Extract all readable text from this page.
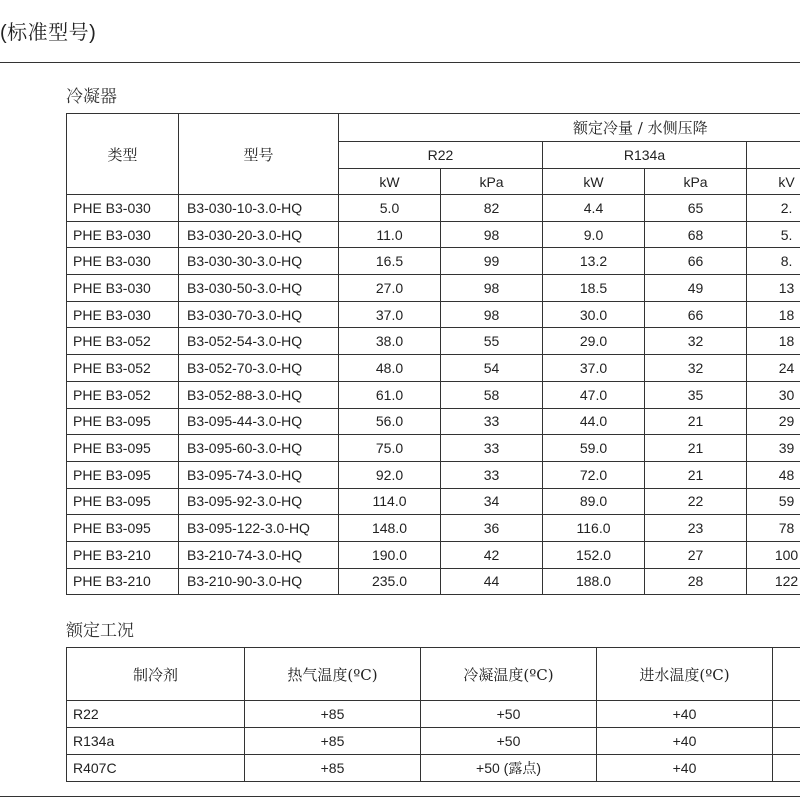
(标准型号)
冷凝器
类型	型号	额定冷量 / 水侧压降				
		R22		R134a		
		kW	kPa	kW	kPa	kV
PHE B3-030	B3-030-10-3.0-HQ	5.0	82	4.4	65	2.
PHE B3-030	B3-030-20-3.0-HQ	11.0	98	9.0	68	5.
PHE B3-030	B3-030-30-3.0-HQ	16.5	99	13.2	66	8.
PHE B3-030	B3-030-50-3.0-HQ	27.0	98	18.5	49	13
PHE B3-030	B3-030-70-3.0-HQ	37.0	98	30.0	66	18
PHE B3-052	B3-052-54-3.0-HQ	38.0	55	29.0	32	18
PHE B3-052	B3-052-70-3.0-HQ	48.0	54	37.0	32	24
PHE B3-052	B3-052-88-3.0-HQ	61.0	58	47.0	35	30
PHE B3-095	B3-095-44-3.0-HQ	56.0	33	44.0	21	29
PHE B3-095	B3-095-60-3.0-HQ	75.0	33	59.0	21	39
PHE B3-095	B3-095-74-3.0-HQ	92.0	33	72.0	21	48
PHE B3-095	B3-095-92-3.0-HQ	114.0	34	89.0	22	59
PHE B3-095	B3-095-122-3.0-HQ	148.0	36	116.0	23	78
PHE B3-210	B3-210-74-3.0-HQ	190.0	42	152.0	27	100
PHE B3-210	B3-210-90-3.0-HQ	235.0	44	188.0	28	122
额定工况
制冷剂	热气温度(ºC)	冷凝温度(ºC)	进水温度(ºC)	
R22	+85	+50	+40	
R134a	+85	+50	+40	
R407C	+85	+50 (露点)	+40	
